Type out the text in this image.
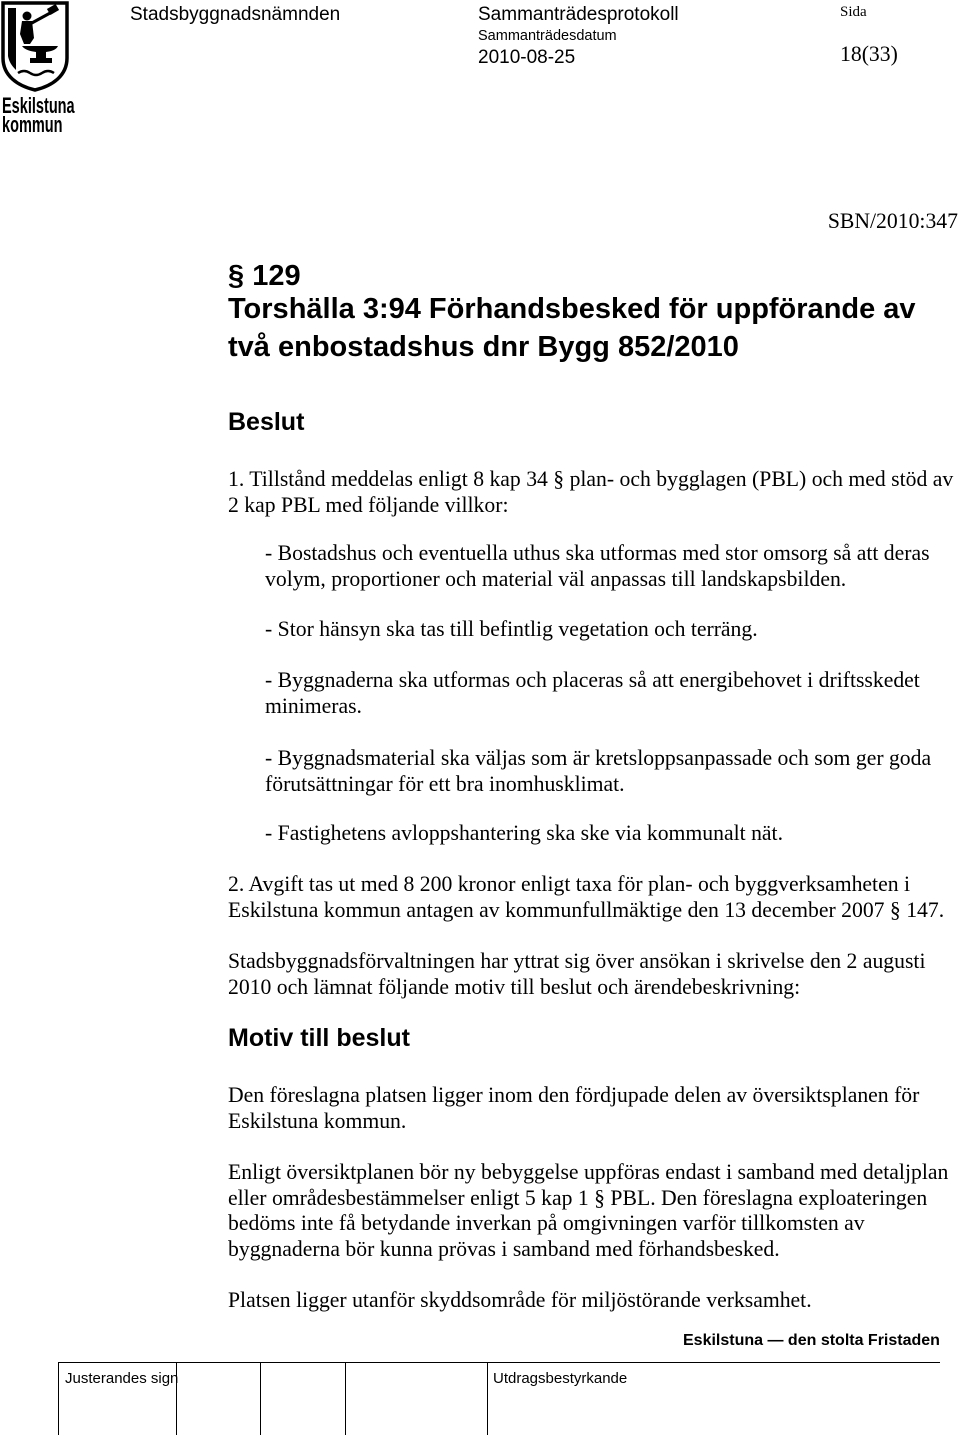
Eskilstuna
kommun
Stadsbyggnadsnämnden	Sammanträdesprotokoll
Sammanträdesdatum
2010-08-25
Sida
18(33)
SBN/2010:347
§ 129
Torshälla 3:94 Förhandsbesked för uppförande av
två enbostadshus dnr Bygg 852/2010
Beslut
1. Tillstånd meddelas enligt 8 kap 34 § plan- och bygglagen (PBL) och med stöd av
2 kap PBL med följande villkor:
- Bostadshus och eventuella uthus ska utformas med stor omsorg så att deras
volym, proportioner och material väl anpassas till landskapsbilden.
- Stor hänsyn ska tas till befintlig vegetation och terräng.
- Byggnaderna ska utformas och placeras så att energibehovet i driftsskedet
minimeras.
- Byggnadsmaterial ska väljas som är kretsloppsanpassade och som ger goda
förutsättningar för ett bra inomhusklimat.
- Fastighetens avloppshantering ska ske via kommunalt nät.
2. Avgift tas ut med 8 200 kronor enligt taxa för plan- och byggverksamheten i
Eskilstuna kommun antagen av kommunfullmäktige den 13 december 2007 § 147.
Stadsbyggnadsförvaltningen har yttrat sig över ansökan i skrivelse den 2 augusti
2010 och lämnat följande motiv till beslut och ärendebeskrivning:
Motiv till beslut
Den föreslagna platsen ligger inom den fördjupade delen av översiktsplanen för
Eskilstuna kommun.
Enligt översiktplanen bör ny bebyggelse uppföras endast i samband med detaljplan
eller områdesbestämmelser enligt 5 kap 1 § PBL. Den föreslagna exploateringen
bedöms inte få betydande inverkan på omgivningen varför tillkomsten av
byggnaderna bör kunna prövas i samband med förhandsbesked.
Platsen ligger utanför skyddsområde för miljöstörande verksamhet.
Eskilstuna — den stolta Fristaden
Justerandes sign	Utdragsbestyrkande
